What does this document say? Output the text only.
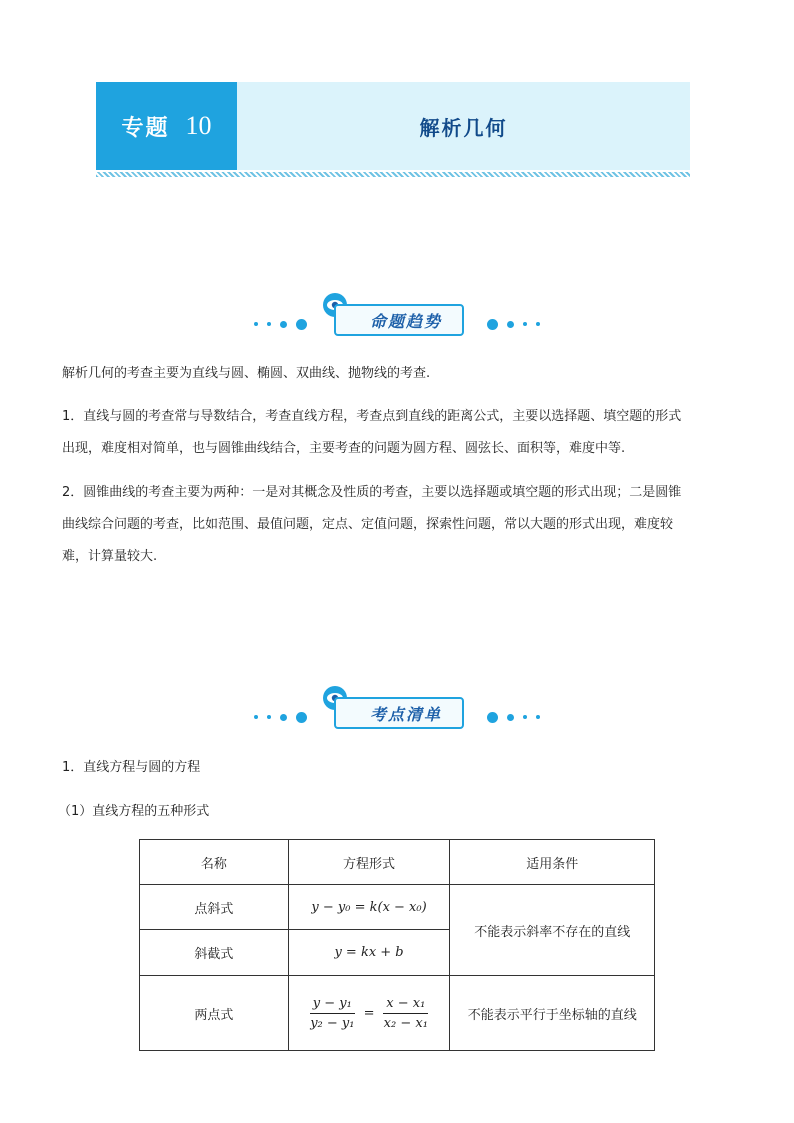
专题 10	解析几何
命题趋势

解析几何的考查主要为直线与圆、椭圆、双曲线、抛物线的考查.

1．直线与圆的考查常与导数结合，考查直线方程，考查点到直线的距离公式，主要以选择题、填空题的形式

出现，难度相对简单，也与圆锥曲线结合，主要考查的问题为圆方程、圆弦长、面积等，难度中等.

2．圆锥曲线的考查主要为两种：一是对其概念及性质的考查，主要以选择题或填空题的形式出现；二是圆锥

曲线综合问题的考查，比如范围、最值问题，定点、定值问题，探索性问题，常以大题的形式出现，难度较

难，计算量较大.

考点清单

1．直线方程与圆的方程

（1）直线方程的五种形式

名称	方程形式	适用条件
点斜式	y − y₀ = k(x − x₀)	不能表示斜率不存在的直线
斜截式	y = kx + b	
两点式	$\frac{\text{y − y₁}}{\text{y₂ − y₁}} = \frac{\text{x − x₁}}{\text{x₂ − x₁}}$	不能表示平行于坐标轴的直线
